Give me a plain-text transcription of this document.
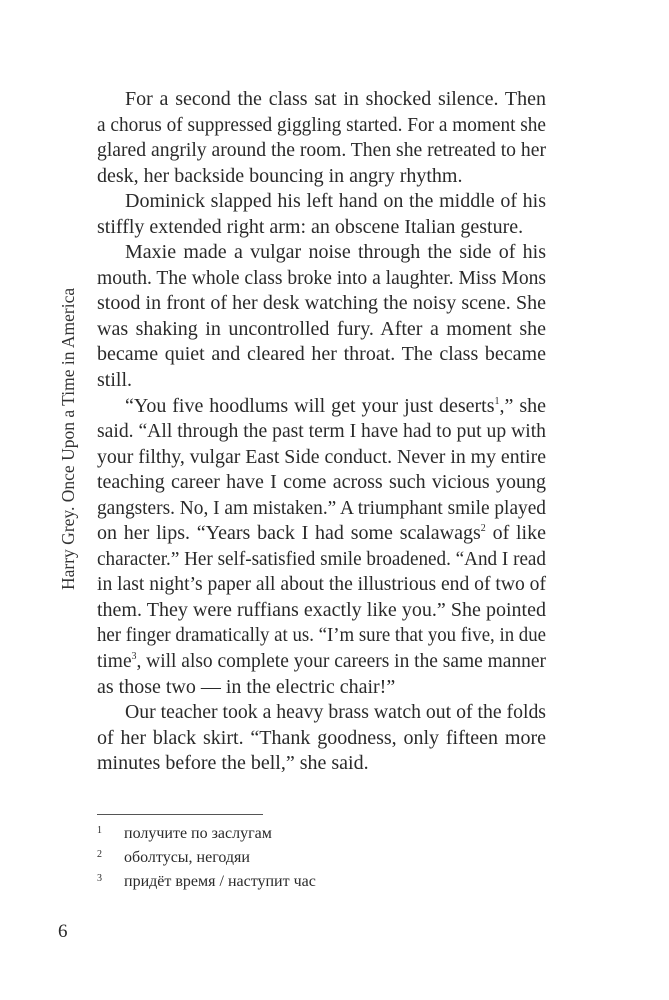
Harry Grey. Once Upon a Time in America
For a second the class sat in shocked silence. Then
a chorus of suppressed giggling started. For a moment she
glared angrily around the room. Then she retreated to her
desk, her backside bouncing in angry rhythm.
Dominick slapped his left hand on the middle of his
stiffly extended right arm: an obscene Italian gesture.
Maxie made a vulgar noise through the side of his
mouth. The whole class broke into a laughter. Miss Mons
stood in front of her desk watching the noisy scene. She
was shaking in uncontrolled fury. After a moment she
became quiet and cleared her throat. The class became
still.
“You five hoodlums will get your just deserts$^1$,” she
said. “All through the past term I have had to put up with
your filthy, vulgar East Side conduct. Never in my entire
teaching career have I come across such vicious young
gangsters. No, I am mistaken.” A triumphant smile played
on her lips. “Years back I had some scalawags$^2$ of like
character.” Her self-satisfied smile broadened. “And I read
in last night’s paper all about the illustrious end of two of
them. They were ruffians exactly like you.” She pointed
her finger dramatically at us. “I’m sure that you five, in due
time$^3$, will also complete your careers in the same manner
as those two — in the electric chair!”
Our teacher took a heavy brass watch out of the folds
of her black skirt. “Thank goodness, only fifteen more
minutes before the bell,” she said.
1	получите по заслугам
2	оболтусы, негодяи
3	придёт время / наступит час
6
